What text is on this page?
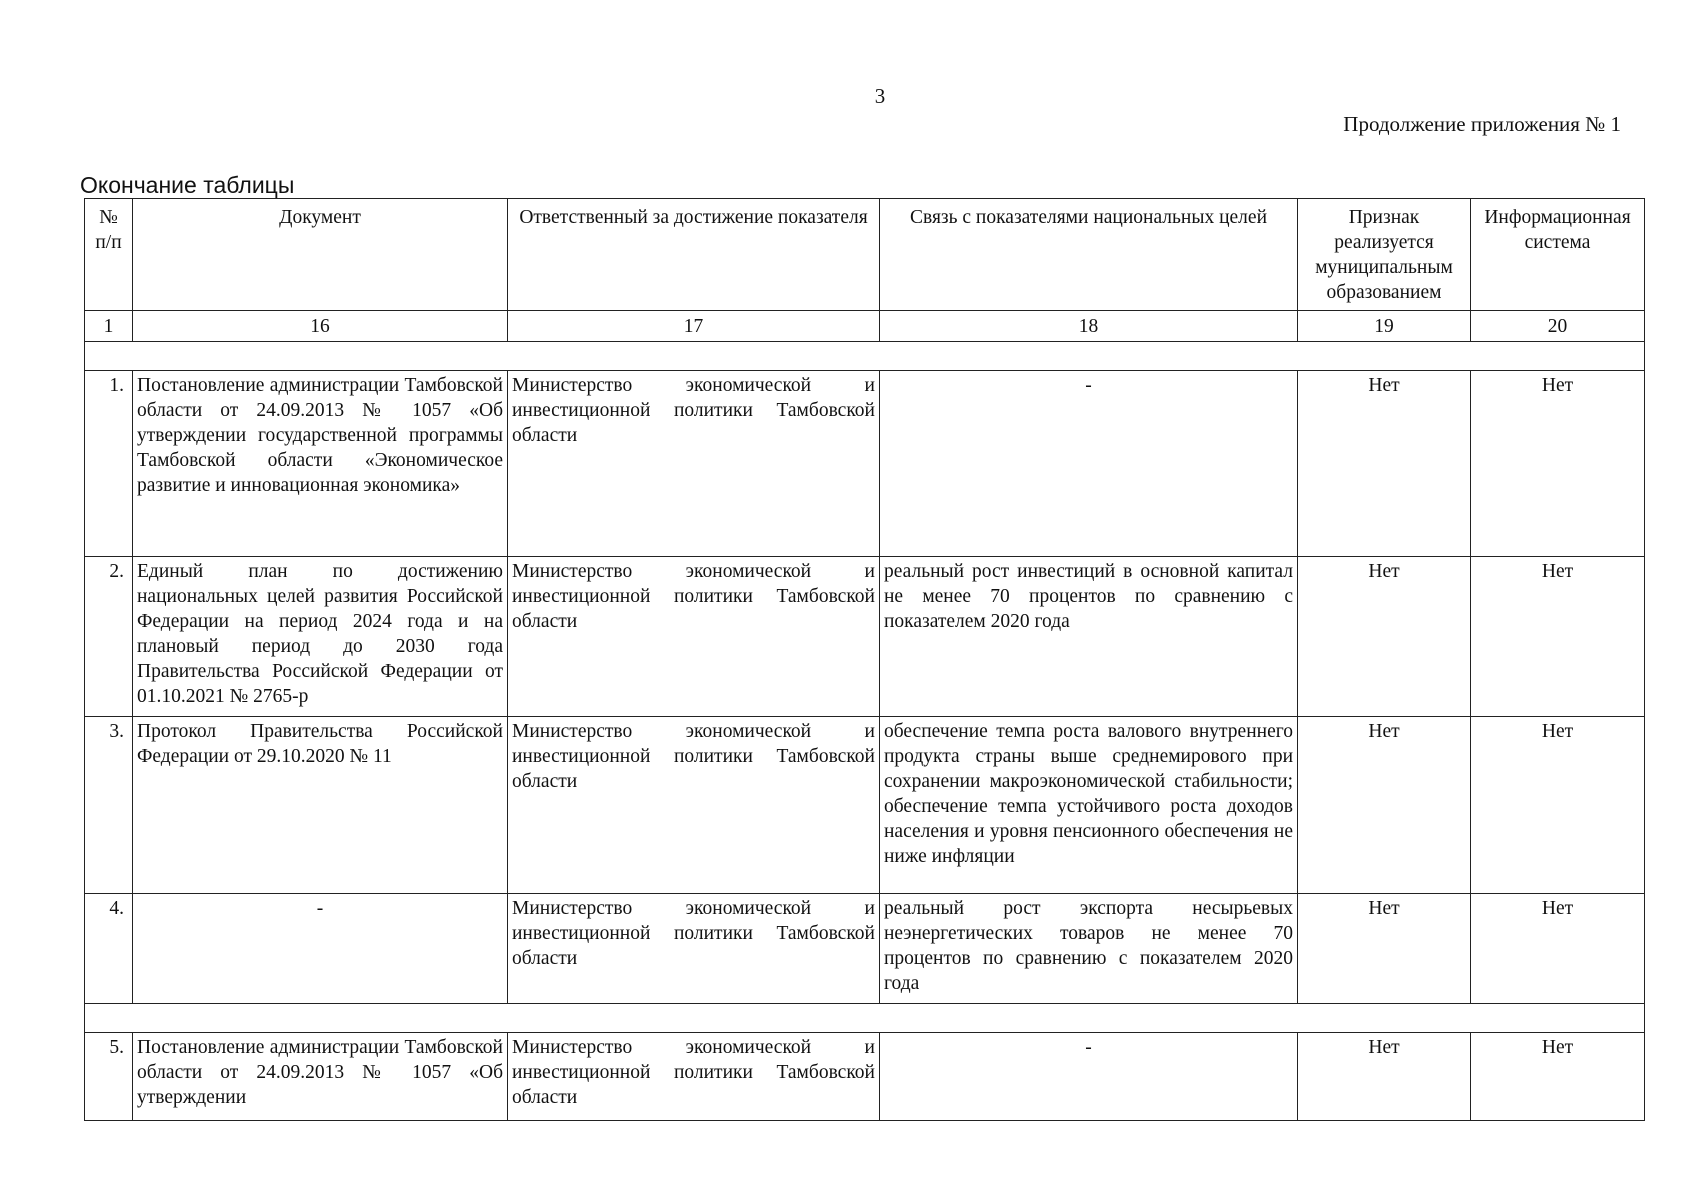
3
Продолжение приложения № 1
Окончание таблицы
№ п/п	Документ	Ответственный за достижение показателя	Связь с показателями национальных целей	Признак реализуется муниципальным образованием	Информационная система
1	16	17	18	19	20

1.	Постановление администрации Тамбовской области от 24.09.2013 № 1057 «Об утверждении государственной программы Тамбовской области «Экономическое развитие и инновационная экономика»	Министерство экономической и инвестиционной политики Тамбовской области	-	Нет	Нет
2.	Единый план по достижению национальных целей развития Российской Федерации на период 2024 года и на плановый период до 2030 года Правительства Российской Федерации от 01.10.2021 № 2765-р	Министерство экономической и инвестиционной политики Тамбовской области	реальный рост инвестиций в основной капитал не менее 70 процентов по сравнению с показателем 2020 года	Нет	Нет
3.	Протокол Правительства Российской Федерации от 29.10.2020 № 11	Министерство экономической и инвестиционной политики Тамбовской области	обеспечение темпа роста валового внутреннего продукта страны выше среднемирового при сохранении макроэкономической стабильности; обеспечение темпа устойчивого роста доходов населения и уровня пенсионного обеспечения не ниже инфляции	Нет	Нет
4.	-	Министерство экономической и инвестиционной политики Тамбовской области	реальный рост экспорта несырьевых неэнергетических товаров не менее 70 процентов по сравнению с показателем 2020 года	Нет	Нет

5.	Постановление администрации Тамбовской области от 24.09.2013 № 1057 «Об утверждении	Министерство экономической и инвестиционной политики Тамбовской области	-	Нет	Нет
